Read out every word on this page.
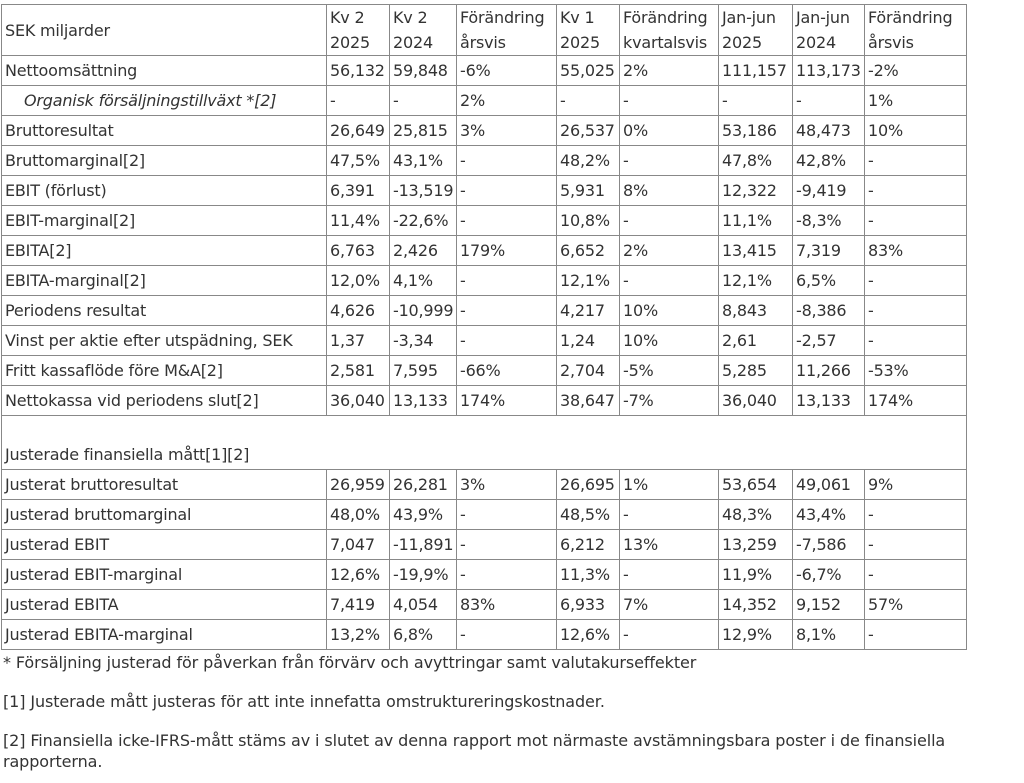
SEK miljarder	Kv 2 2025	Kv 2 2024	Förändring årsvis	Kv 1 2025	Förändring kvartalsvis	Jan-jun 2025	Jan-jun 2024	Förändring årsvis
Nettoomsättning	56,132	59,848	-6%	55,025	2%	111,157	113,173	-2%
Organisk försäljningstillväxt *[2]	-	-	2%	-	-	-	-	1%
Bruttoresultat	26,649	25,815	3%	26,537	0%	53,186	48,473	10%
Bruttomarginal[2]	47,5%	43,1%	-	48,2%	-	47,8%	42,8%	-
EBIT (förlust)	6,391	-13,519	-	5,931	8%	12,322	-9,419	-
EBIT-marginal[2]	11,4%	-22,6%	-	10,8%	-	11,1%	-8,3%	-
EBITA[2]	6,763	2,426	179%	6,652	2%	13,415	7,319	83%
EBITA-marginal[2]	12,0%	4,1%	-	12,1%	-	12,1%	6,5%	-
Periodens resultat	4,626	-10,999	-	4,217	10%	8,843	-8,386	-
Vinst per aktie efter utspädning, SEK	1,37	-3,34	-	1,24	10%	2,61	-2,57	-
Fritt kassaflöde före M&A[2]	2,581	7,595	-66%	2,704	-5%	5,285	11,266	-53%
Nettokassa vid periodens slut[2]	36,040	13,133	174%	38,647	-7%	36,040	13,133	174%

Justerade finansiella mått[1][2]								
Justerat bruttoresultat	26,959	26,281	3%	26,695	1%	53,654	49,061	9%
Justerad bruttomarginal	48,0%	43,9%	-	48,5%	-	48,3%	43,4%	-
Justerad EBIT	7,047	-11,891	-	6,212	13%	13,259	-7,586	-
Justerad EBIT-marginal	12,6%	-19,9%	-	11,3%	-	11,9%	-6,7%	-
Justerad EBITA	7,419	4,054	83%	6,933	7%	14,352	9,152	57%
Justerad EBITA-marginal	13,2%	6,8%	-	12,6%	-	12,9%	8,1%	-

* Försäljning justerad för påverkan från förvärv och avyttringar samt valutakurseffekter

[1] Justerade mått justeras för att inte innefatta omstruktureringskostnader.

[2] Finansiella icke-IFRS-mått stäms av i slutet av denna rapport mot närmaste avstämningsbara poster i de finansiella rapporterna.
